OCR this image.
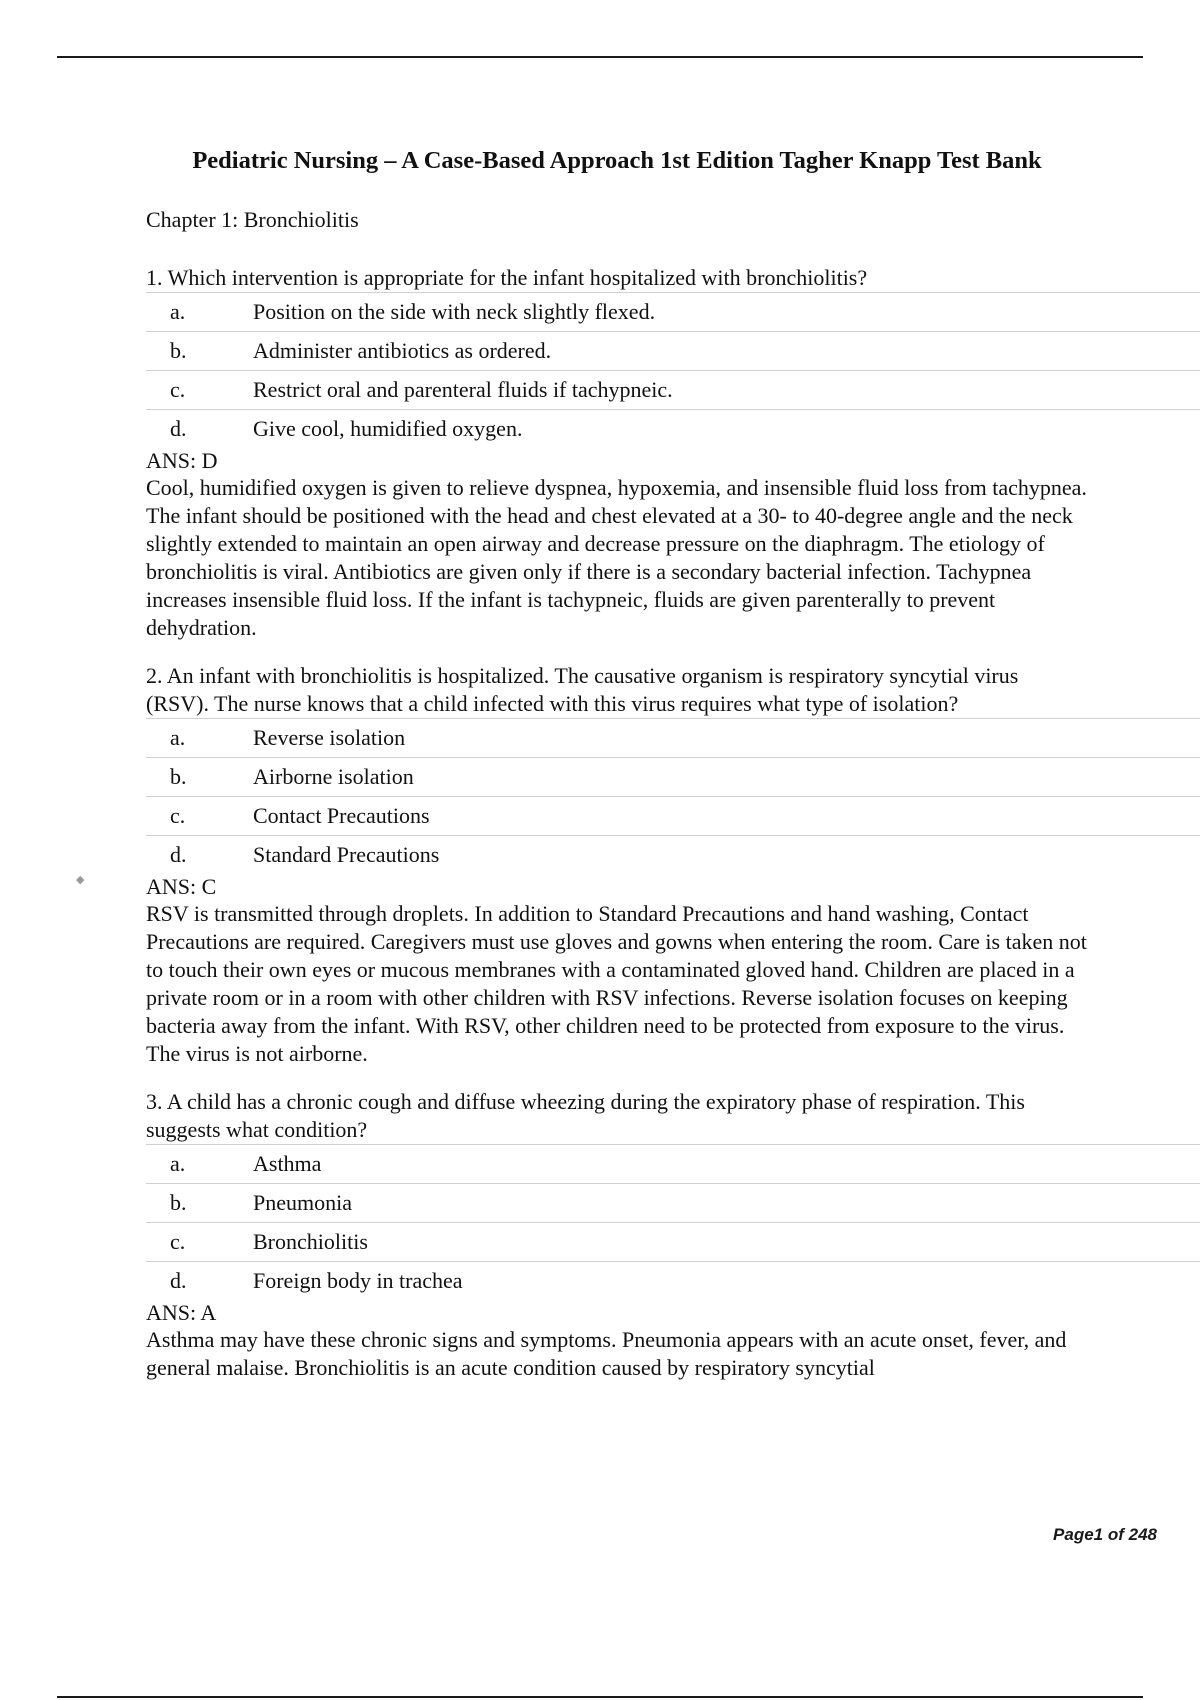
Pediatric Nursing – A Case-Based Approach 1st Edition Tagher Knapp Test Bank

Chapter 1: Bronchiolitis

1. Which intervention is appropriate for the infant hospitalized with bronchiolitis?

a.	Position on the side with neck slightly flexed.
b.	Administer antibiotics as ordered.
c.	Restrict oral and parenteral fluids if tachypneic.
d.	Give cool, humidified oxygen.

ANS: D

Cool, humidified oxygen is given to relieve dyspnea, hypoxemia, and insensible fluid loss from tachypnea. The infant should be positioned with the head and chest elevated at a 30- to 40-degree angle and the neck slightly extended to maintain an open airway and decrease pressure on the diaphragm. The etiology of bronchiolitis is viral. Antibiotics are given only if there is a secondary bacterial infection. Tachypnea increases insensible fluid loss. If the infant is tachypneic, fluids are given parenterally to prevent dehydration.

2. An infant with bronchiolitis is hospitalized. The causative organism is respiratory syncytial virus (RSV). The nurse knows that a child infected with this virus requires what type of isolation?

a.	Reverse isolation
b.	Airborne isolation
c.	Contact Precautions
d.	Standard Precautions

ANS: C

RSV is transmitted through droplets. In addition to Standard Precautions and hand washing, Contact Precautions are required. Caregivers must use gloves and gowns when entering the room. Care is taken not to touch their own eyes or mucous membranes with a contaminated gloved hand. Children are placed in a private room or in a room with other children with RSV infections. Reverse isolation focuses on keeping bacteria away from the infant. With RSV, other children need to be protected from exposure to the virus. The virus is not airborne.

3. A child has a chronic cough and diffuse wheezing during the expiratory phase of respiration. This suggests what condition?

a.	Asthma
b.	Pneumonia
c.	Bronchiolitis
d.	Foreign body in trachea

ANS: A

Asthma may have these chronic signs and symptoms. Pneumonia appears with an acute onset, fever, and general malaise. Bronchiolitis is an acute condition caused by respiratory syncytial

◆
Page1 of 248
